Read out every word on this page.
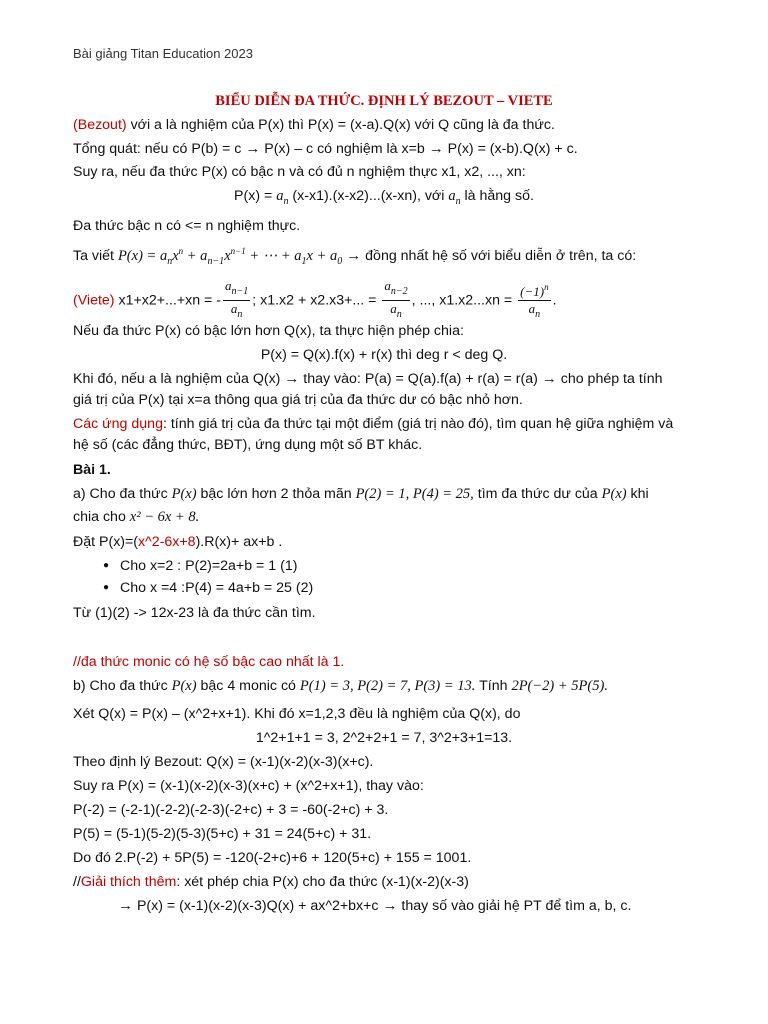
Bài giảng Titan Education 2023
BIỂU DIỄN ĐA THỨC. ĐỊNH LÝ BEZOUT – VIETE
(Bezout) với a là nghiệm của P(x) thì P(x) = (x-a).Q(x) với Q cũng là đa thức.
Tổng quát: nếu có P(b) = c → P(x) – c có nghiệm là x=b → P(x) = (x-b).Q(x) + c.
Suy ra, nếu đa thức P(x) có bậc n và có đủ n nghiệm thực x1, x2, ..., xn:
$P(x) = a_n$ (x-x1).(x-x2)...(x-xn), với $a_n$ là hằng số.
Đa thức bậc n có <= n nghiệm thực.
Ta viết $P(x) = a_nx^n + a_{n-1}x^{n-1}$ + ⋯ + $a_1x + a_0$ → đồng nhất hệ số với biểu diễn ở trên, ta có:
(Viete) x1+x2+...+xn = - $\frac{a_{n-1}}{a_n}$ ; x1.x2 + x2.x3+... = $\frac{a_{n-2}}{a_n}$ , ..., $x1.x2...xn = \frac{(-1)^n}{a_n}$ .
Nếu đa thức P(x) có bậc lớn hơn Q(x), ta thực hiện phép chia:
P(x) = Q(x).f(x) + r(x) thì deg r < deg Q.
Khi đó, nếu a là nghiệm của Q(x) → thay vào: P(a) = Q(a).f(a) + r(a) = r(a) → cho phép ta tính
giá trị của P(x) tại x=a thông qua giá trị của đa thức dư có bậc nhỏ hơn.
Các ứng dụng: tính giá trị của đa thức tại một điểm (giá trị nào đó), tìm quan hệ giữa nghiệm và
hệ số (các đẳng thức, BĐT), ứng dụng một số BT khác.
Bài 1.
a) Cho đa thức P(x) bậc lớn hơn 2 thỏa mãn P(2) = 1, P(4) = 25, tìm đa thức dư của P(x) khi
chia cho x² − 6x + 8.
Đặt P(x)=(x^2-6x+8).R(x)+ ax+b .
● Cho x=2 : P(2)=2a+b = 1 (1)
● Cho x =4 :P(4) = 4a+b = 25 (2)
Từ (1)(2) -> 12x-23 là đa thức cần tìm.
//đa thức monic có hệ số bậc cao nhất là 1.
b) Cho đa thức P(x) bậc 4 monic có P(1) = 3, P(2) = 7, P(3) = 13. Tính 2P(−2) + 5P(5).
Xét Q(x) = P(x) – (x^2+x+1). Khi đó x=1,2,3 đều là nghiệm của Q(x), do
1^2+1+1 = 3, 2^2+2+1 = 7, 3^2+3+1=13.
Theo định lý Bezout: Q(x) = (x-1)(x-2)(x-3)(x+c).
Suy ra P(x) = (x-1)(x-2)(x-3)(x+c) + (x^2+x+1), thay vào:
P(-2) = (-2-1)(-2-2)(-2-3)(-2+c) + 3 = -60(-2+c) + 3.
P(5) = (5-1)(5-2)(5-3)(5+c) + 31 = 24(5+c) + 31.
Do đó 2.P(-2) + 5P(5) = -120(-2+c)+6 + 120(5+c) + 155 = 1001.
//Giải thích thêm: xét phép chia P(x) cho đa thức (x-1)(x-2)(x-3)
→ P(x) = (x-1)(x-2)(x-3)Q(x) + ax^2+bx+c → thay số vào giải hệ PT để tìm a, b, c.
